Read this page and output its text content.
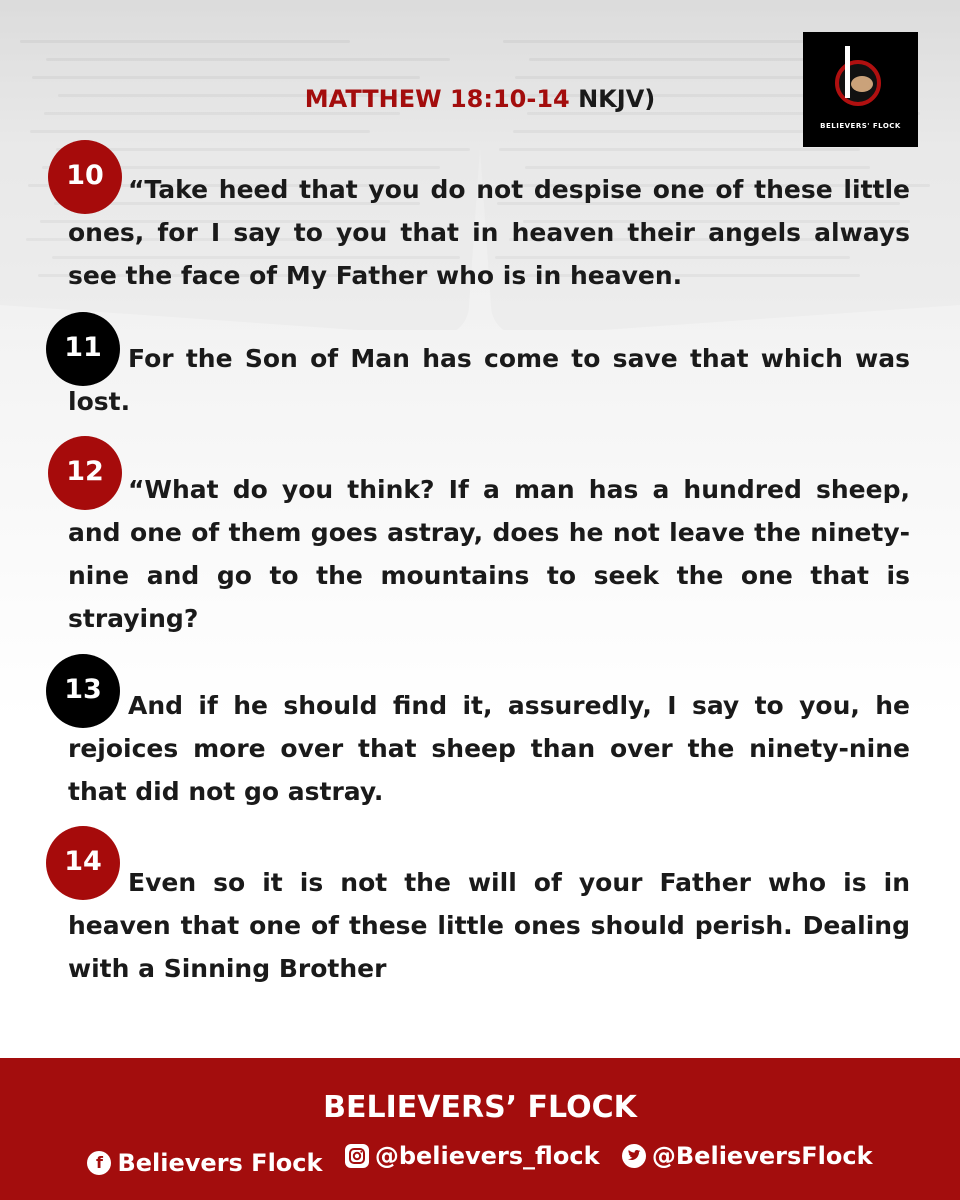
MATTHEW 18:10-14 NKJV)
BELIEVERS' FLOCK
10 “Take heed that you do not despise one of these little ones, for I say to you that in heaven their angels always see the face of My Father who is in heaven.

11	For the Son of Man has come to save that which was lost.

12

“What do you think? If a man has a hundred sheep, and one of them goes astray, does he not leave the ninety-nine and go to the mountains to seek the one that is straying?

13

And if he should find it, assuredly, I say to you, he rejoices more over that sheep than over the ninety-nine that did not go astray.

14

Even so it is not the will of your Father who is in heaven that one of these little ones should perish. Dealing with a Sinning Brother

BELIEVERS’ FLOCK
f Believers Flock
@believers_flock
@BelieversFlock
